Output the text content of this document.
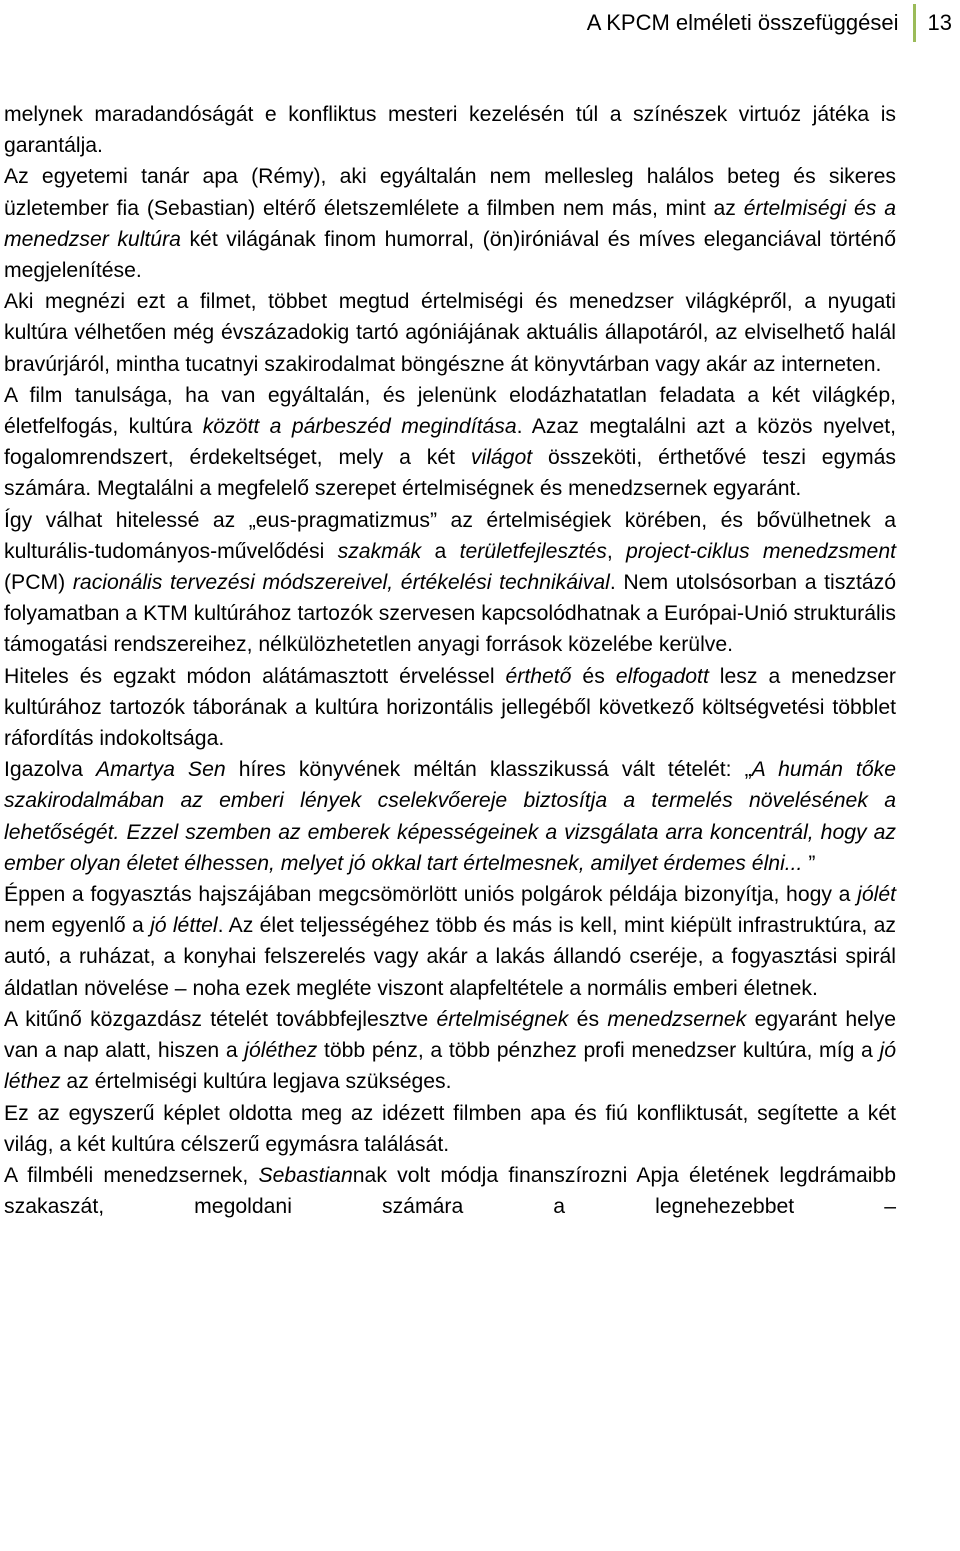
A KPCM elméleti összefüggései	13

melynek maradandóságát e konfliktus mesteri kezelésén túl a színészek virtuóz játéka is garantálja.

Az egyetemi tanár apa (Rémy), aki egyáltalán nem mellesleg halálos beteg és sikeres üzletember fia (Sebastian) eltérő életszemlélete a filmben nem más, mint az értelmiségi és a menedzser kultúra két világának finom humorral, (ön)iróniával és míves eleganciával történő megjelenítése.

Aki megnézi ezt a filmet, többet megtud értelmiségi és menedzser világképről, a nyugati kultúra vélhetően még évszázadokig tartó agóniájának aktuális állapotáról, az elviselhető halál bravúrjáról, mintha tucatnyi szakirodalmat böngészne át könyvtárban vagy akár az interneten.

A film tanulsága, ha van egyáltalán, és jelenünk elodázhatatlan feladata a két világkép, életfelfogás, kultúra között a párbeszéd megindítása. Azaz megtalálni azt a közös nyelvet, fogalomrendszert, érdekeltséget, mely a két világot összeköti, érthetővé teszi egymás számára. Megtalálni a megfelelő szerepet értelmiségnek és menedzsernek egyaránt.

Így válhat hitelessé az „eus-pragmatizmus” az értelmiségiek körében, és bővülhetnek a kulturális-tudományos-művelődési szakmák a területfejlesztés, project-ciklus menedzsment (PCM) racionális tervezési módszereivel, értékelési technikáival. Nem utolsósorban a tisztázó folyamatban a KTM kultúrához tartozók szervesen kapcsolódhatnak a Európai-Unió strukturális támogatási rendszereihez, nélkülözhetetlen anyagi források közelébe kerülve.

Hiteles és egzakt módon alátámasztott érveléssel érthető és elfogadott lesz a menedzser kultúrához tartozók táborának a kultúra horizontális jellegéből következő költségvetési többlet ráfordítás indokoltsága.

Igazolva Amartya Sen híres könyvének méltán klasszikussá vált tételét: „A humán tőke szakirodalmában az emberi lények cselekvőereje biztosítja a termelés növelésének a lehetőségét. Ezzel szemben az emberek képességeinek a vizsgálata arra koncentrál, hogy az ember olyan életet élhessen, melyet jó okkal tart értelmesnek, amilyet érdemes élni... ”

Éppen a fogyasztás hajszájában megcsömörlött uniós polgárok példája bizonyítja, hogy a jólét nem egyenlő a jó léttel. Az élet teljességéhez több és más is kell, mint kiépült infrastruktúra, az autó, a ruházat, a konyhai felszerelés vagy akár a lakás állandó cseréje, a fogyasztási spirál áldatlan növelése – noha ezek megléte viszont alapfeltétele a normális emberi életnek.

A kitűnő közgazdász tételét továbbfejlesztve értelmiségnek és menedzsernek egyaránt helye van a nap alatt, hiszen a jóléthez több pénz, a több pénzhez profi menedzser kultúra, míg a jó léthez az értelmiségi kultúra legjava szükséges.

Ez az egyszerű képlet oldotta meg az idézett filmben apa és fiú konfliktusát, segítette a két világ, a két kultúra célszerű egymásra találását.

A filmbéli menedzsernek, Sebastiannak volt módja finanszírozni Apja életének legdrámaibb szakaszát, megoldani számára a legnehezebbet –
